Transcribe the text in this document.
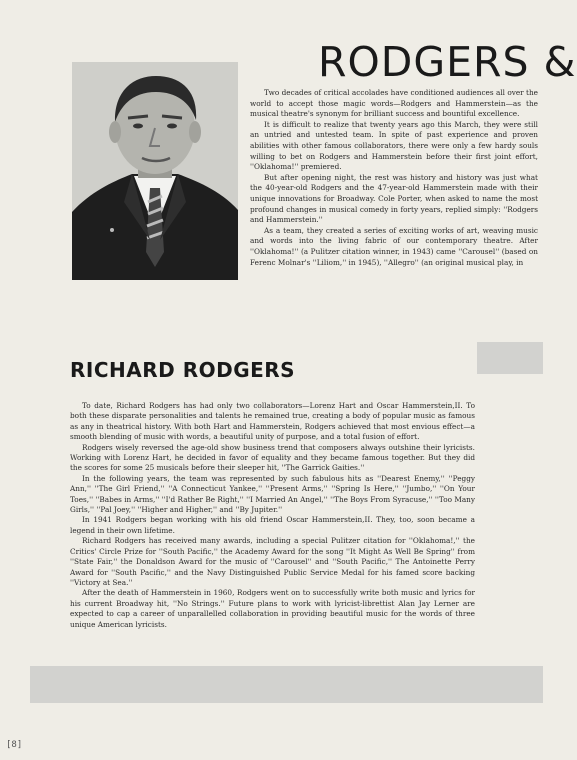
RODGERS &

Two decades of critical accolades have conditioned audiences all over the world to accept those magic words—Rodgers and Hammerstein—as the musical theatre's synonym for brilliant success and bountiful excellence.

It is difficult to realize that twenty years ago this March, they were still an untried and untested team. In spite of past experience and proven abilities with other famous collaborators, there were only a few hardy souls willing to bet on Rodgers and Hammerstein before their first joint effort, ''Oklahoma!'' premiered.

But after opening night, the rest was history and history was just what the 40-year-old Rodgers and the 47-year-old Hammerstein made with their unique innovations for Broadway. Cole Porter, when asked to name the most profound changes in musical comedy in forty years, replied simply: ''Rodgers and Hammerstein.''

As a team, they created a series of exciting works of art, weaving music and words into the living fabric of our contemporary theatre. After ''Oklahoma!'' (a Pulitzer citation winner, in 1943) came ''Carousel'' (based on Ferenc Molnar's ''Liliom,'' in 1945), ''Allegro'' (an original musical play, in

RICHARD RODGERS

To date, Richard Rodgers has had only two collaborators—Lorenz Hart and Oscar Hammerstein,II. To both these disparate personalities and talents he remained true, creating a body of popular music as famous as any in theatrical history. With both Hart and Hammerstein, Rodgers achieved that most envious effect—a smooth blending of music with words, a beautiful unity of purpose, and a total fusion of effort.

Rodgers wisely reversed the age-old show business trend that composers always outshine their lyricists. Working with Lorenz Hart, he decided in favor of equality and they became famous together. But they did the scores for some 25 musicals before their sleeper hit, ''The Garrick Gaities.''

In the following years, the team was represented by such fabulous hits as ''Dearest Enemy,'' ''Peggy Ann,'' ''The Girl Friend,'' ''A Connecticut Yankee,'' ''Present Arms,'' ''Spring Is Here,'' ''Jumbo,'' ''On Your Toes,'' ''Babes in Arms,'' ''I'd Rather Be Right,'' ''I Married An Angel,'' ''The Boys From Syracuse,'' ''Too Many Girls,'' ''Pal Joey,'' ''Higher and Higher,'' and ''By Jupiter.''

In 1941 Rodgers began working with his old friend Oscar Hammerstein,II. They, too, soon became a legend in their own lifetime.

Richard Rodgers has received many awards, including a special Pulitzer citation for ''Oklahoma!,'' the Critics' Circle Prize for ''South Pacific,'' the Academy Award for the song ''It Might As Well Be Spring'' from ''State Fair,'' the Donaldson Award for the music of ''Carousel'' and ''South Pacific,'' The Antoinette Perry Award for ''South Pacific,'' and the Navy Distinguished Public Service Medal for his famed score backing ''Victory at Sea.''

After the death of Hammerstein in 1960, Rodgers went on to successfully write both music and lyrics for his current Broadway hit, ''No Strings.'' Future plans to work with lyricist-librettist Alan Jay Lerner are expected to cap a career of unparallelled collaboration in providing beautiful music for the words of three unique American lyricists.

[8]
